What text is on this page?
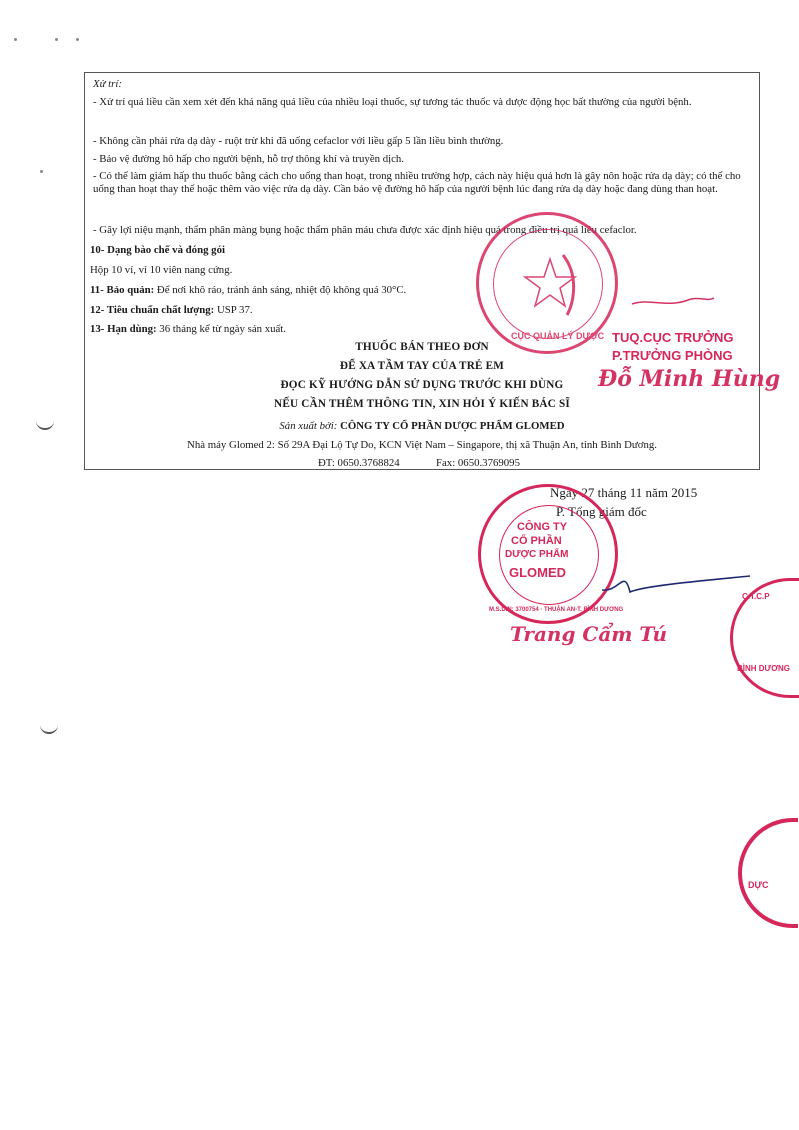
Xử trí:
- Xử trí quá liều cần xem xét đến khả năng quá liều của nhiều loại thuốc, sự tương tác thuốc và dược động học bất thường của người bệnh.
- Không cần phải rửa dạ dày - ruột trừ khi đã uống cefaclor với liều gấp 5 lần liều bình thường.
- Bảo vệ đường hô hấp cho người bệnh, hỗ trợ thông khí và truyền dịch.
- Có thể làm giảm hấp thu thuốc bằng cách cho uống than hoạt, trong nhiều trường hợp, cách này hiệu quả hơn là gây nôn hoặc rửa dạ dày; có thể cho uống than hoạt thay thế hoặc thêm vào việc rửa dạ dày. Cần bảo vệ đường hô hấp của người bệnh lúc đang rửa dạ dày hoặc đang dùng than hoạt.
- Gây lợi niệu mạnh, thẩm phân màng bụng hoặc thẩm phân máu chưa được xác định hiệu quả trong điều trị quá liều cefaclor.
10- Dạng bào chế và đóng gói
Hộp 10 vỉ, vỉ 10 viên nang cứng.
11- Bảo quản: Để nơi khô ráo, tránh ánh sáng, nhiệt độ không quá 30°C.
12- Tiêu chuẩn chất lượng: USP 37.
13- Hạn dùng: 36 tháng kể từ ngày sản xuất.
THUỐC BÁN THEO ĐƠN
ĐỂ XA TẦM TAY CỦA TRẺ EM
ĐỌC KỸ HƯỚNG DẪN SỬ DỤNG TRƯỚC KHI DÙNG
NẾU CẦN THÊM THÔNG TIN, XIN HỎI Ý KIẾN BÁC SĨ
Sản xuất bởi: CÔNG TY CỔ PHẦN DƯỢC PHẨM GLOMED
Nhà máy Glomed 2: Số 29A Đại Lộ Tự Do, KCN Việt Nam – Singapore, thị xã Thuận An, tỉnh Bình Dương.
ĐT: 0650.3768824	Fax: 0650.3769095
CỤC QUẢN LÝ DƯỢC TUQ.CỤC TRƯỞNG
P.TRƯỞNG PHÒNG
Đỗ Minh Hùng
Ngày 27 tháng 11 năm 2015
P. Tổng giám đốc
CÔNG TY
CỔ PHẦN
DƯỢC PHẨM
GLOMED
M.S.D.N: 3700754 · THUẬN AN-T. BÌNH DƯƠNG
Trang Cẩm Tú
C.T.C.P
BÌNH DƯƠNG
DỰC
